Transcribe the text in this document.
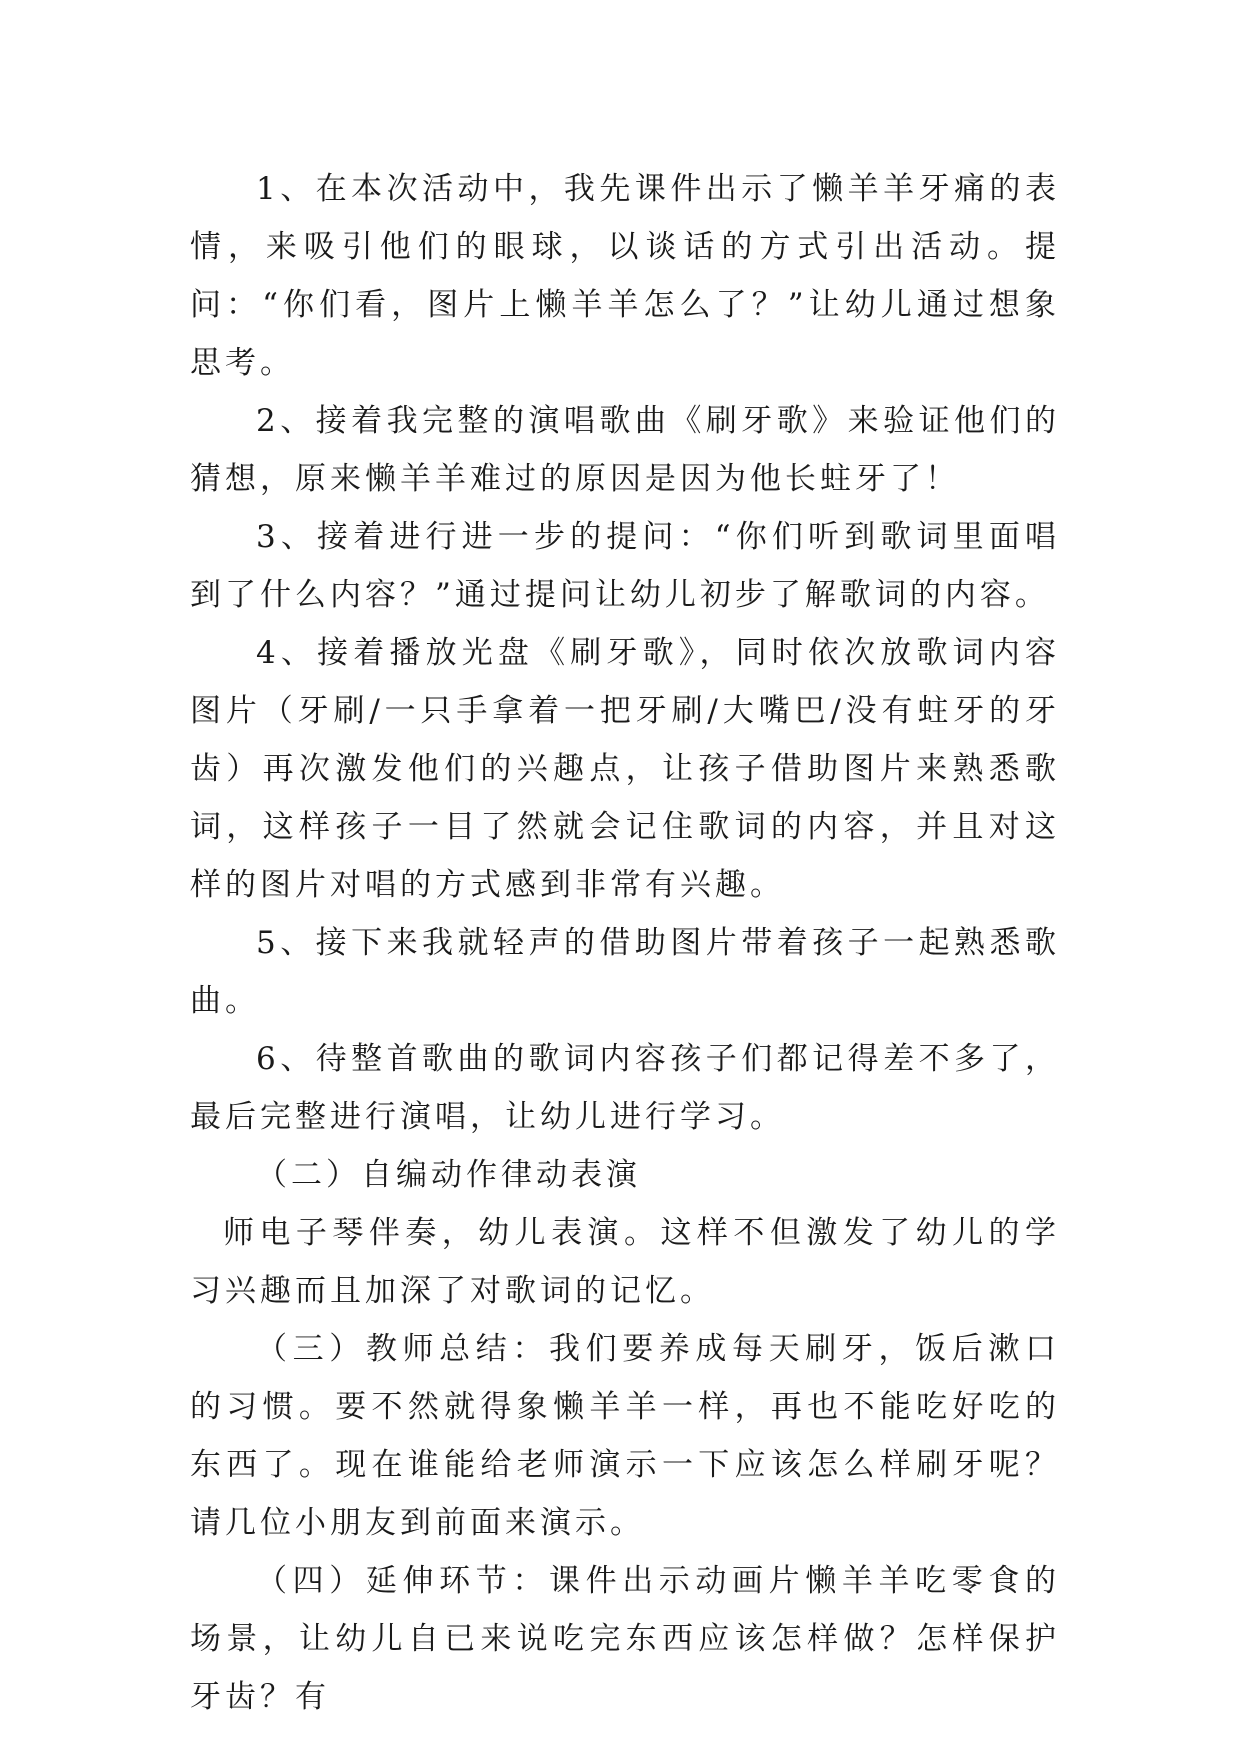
1、在本次活动中，我先课件出示了懒羊羊牙痛的表情，来吸引他们的眼球，以谈话的方式引出活动。提问：“你们看，图片上懒羊羊怎么了？”让幼儿通过想象思考。

2、接着我完整的演唱歌曲《刷牙歌》来验证他们的猜想，原来懒羊羊难过的原因是因为他长蛀牙了！

3、接着进行进一步的提问：“你们听到歌词里面唱到了什么内容？”通过提问让幼儿初步了解歌词的内容。

4、接着播放光盘《刷牙歌》，同时依次放歌词内容图片（牙刷/一只手拿着一把牙刷/大嘴巴/没有蛀牙的牙齿）再次激发他们的兴趣点，让孩子借助图片来熟悉歌词，这样孩子一目了然就会记住歌词的内容，并且对这样的图片对唱的方式感到非常有兴趣。

5、接下来我就轻声的借助图片带着孩子一起熟悉歌曲。

6、待整首歌曲的歌词内容孩子们都记得差不多了，最后完整进行演唱，让幼儿进行学习。

（二）自编动作律动表演

师电子琴伴奏，幼儿表演。这样不但激发了幼儿的学习兴趣而且加深了对歌词的记忆。

（三）教师总结：我们要养成每天刷牙，饭后漱口的习惯。要不然就得象懒羊羊一样，再也不能吃好吃的东西了。现在谁能给老师演示一下应该怎么样刷牙呢？请几位小朋友到前面来演示。

（四）延伸环节：课件出示动画片懒羊羊吃零食的场景，让幼儿自已来说吃完东西应该怎样做？怎样保护牙齿？有
